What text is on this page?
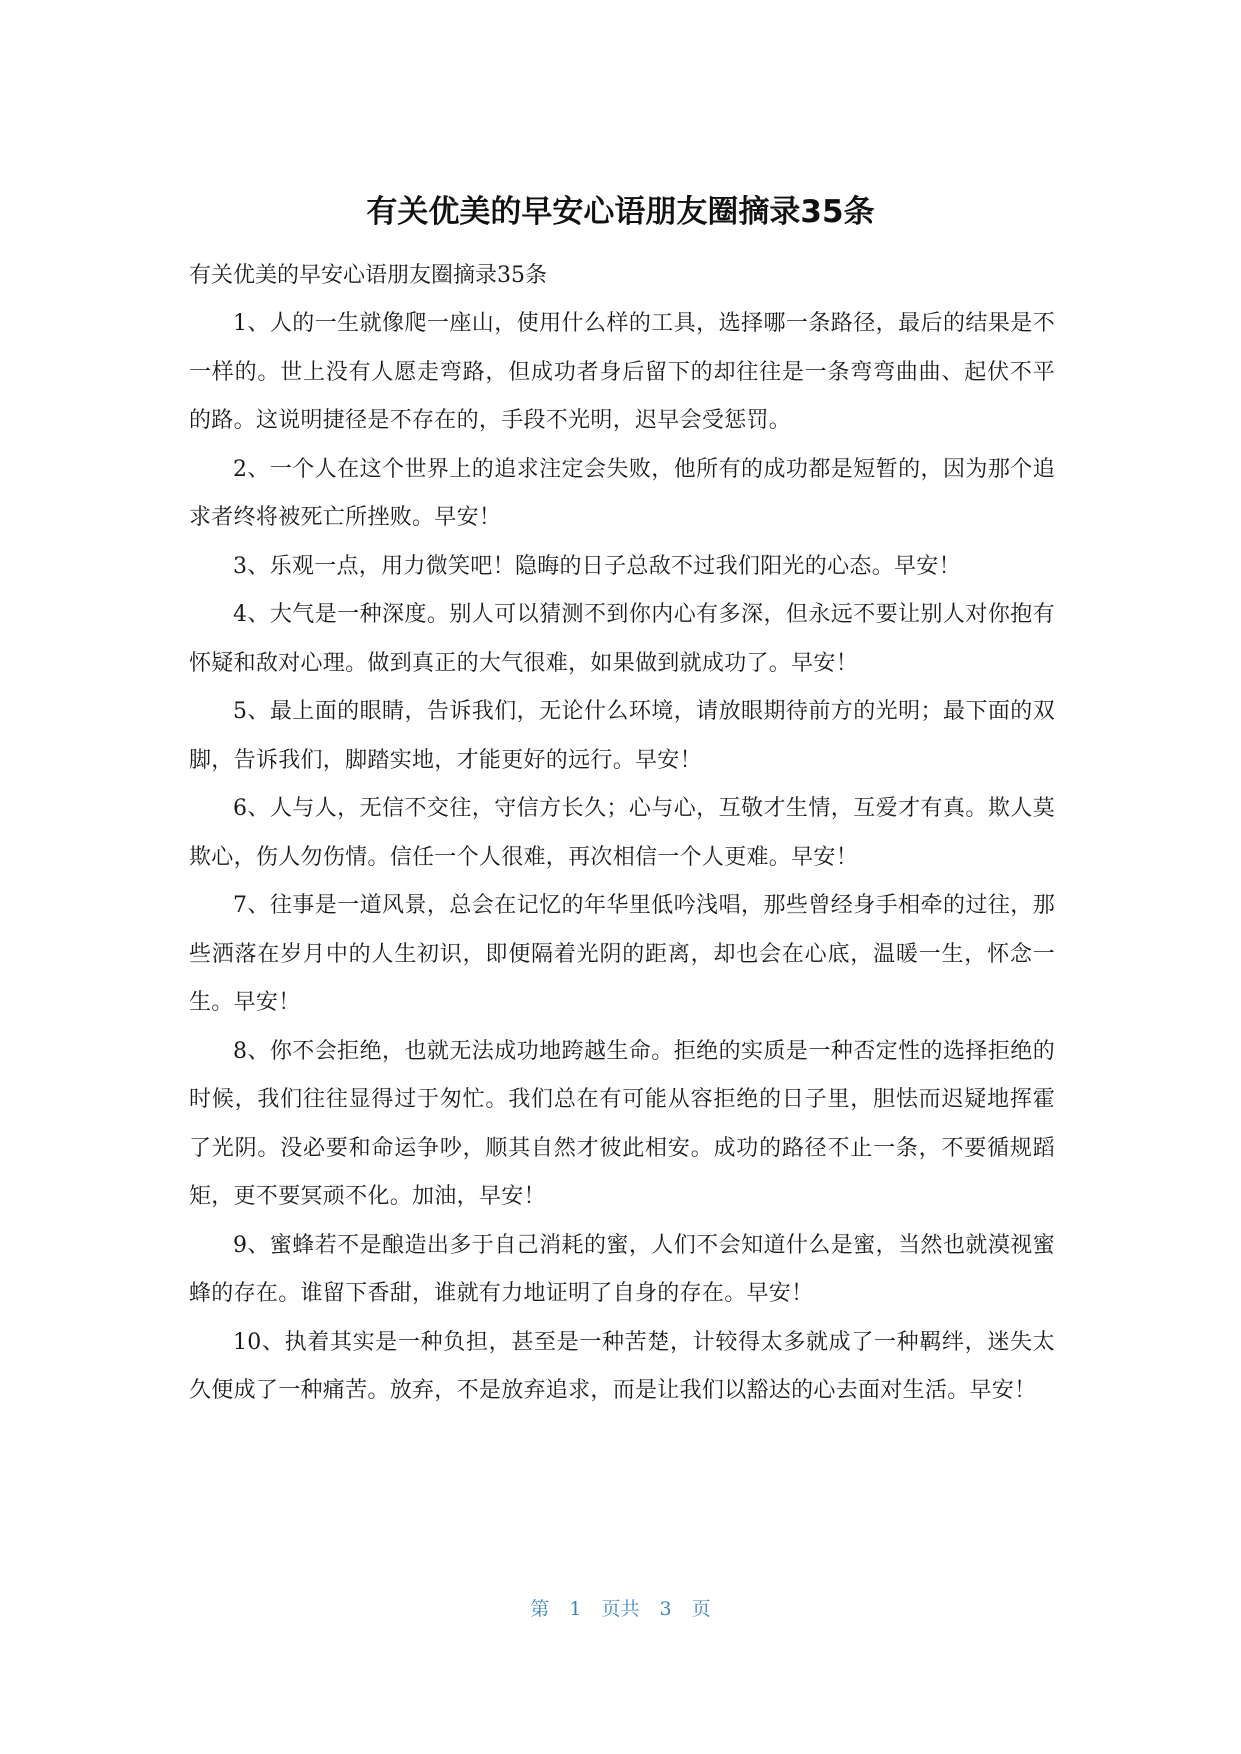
有关优美的早安心语朋友圈摘录35条

有关优美的早安心语朋友圈摘录35条

1、人的一生就像爬一座山，使用什么样的工具，选择哪一条路径，最后的结果是不一样的。世上没有人愿走弯路，但成功者身后留下的却往往是一条弯弯曲曲、起伏不平的路。这说明捷径是不存在的，手段不光明，迟早会受惩罚。

2、一个人在这个世界上的追求注定会失败，他所有的成功都是短暂的，因为那个追求者终将被死亡所挫败。早安！

3、乐观一点，用力微笑吧！隐晦的日子总敌不过我们阳光的心态。早安！

4、大气是一种深度。别人可以猜测不到你内心有多深，但永远不要让别人对你抱有怀疑和敌对心理。做到真正的大气很难，如果做到就成功了。早安！

5、最上面的眼睛，告诉我们，无论什么环境，请放眼期待前方的光明；最下面的双脚，告诉我们，脚踏实地，才能更好的远行。早安！

6、人与人，无信不交往，守信方长久；心与心，互敬才生情，互爱才有真。欺人莫欺心，伤人勿伤情。信任一个人很难，再次相信一个人更难。早安！

7、往事是一道风景，总会在记忆的年华里低吟浅唱，那些曾经身手相牵的过往，那些洒落在岁月中的人生初识，即便隔着光阴的距离，却也会在心底，温暖一生，怀念一生。早安！

8、你不会拒绝，也就无法成功地跨越生命。拒绝的实质是一种否定性的选择拒绝的时候，我们往往显得过于匆忙。我们总在有可能从容拒绝的日子里，胆怯而迟疑地挥霍了光阴。没必要和命运争吵，顺其自然才彼此相安。成功的路径不止一条，不要循规蹈矩，更不要冥顽不化。加油，早安！

9、蜜蜂若不是酿造出多于自己消耗的蜜，人们不会知道什么是蜜，当然也就漠视蜜蜂的存在。谁留下香甜，谁就有力地证明了自身的存在。早安！

10、执着其实是一种负担，甚至是一种苦楚，计较得太多就成了一种羁绊，迷失太久便成了一种痛苦。放弃，不是放弃追求，而是让我们以豁达的心去面对生活。早安！

第 1 页共 3 页
